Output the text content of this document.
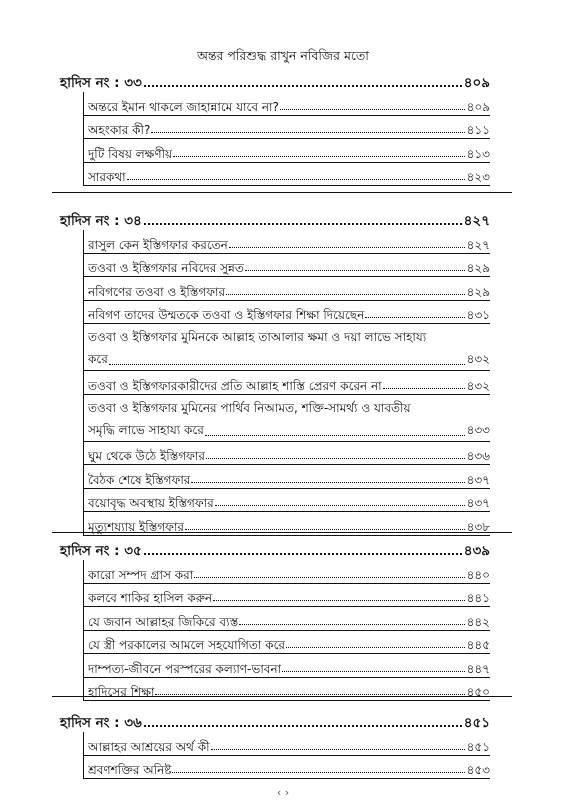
অন্তর পরিশুদ্ধ রাখুন নবিজির মতো
হাদিস নং : ৩৩	৪০৯
অন্তরে ইমান থাকলে জাহান্নামে যাবে না?	৪০৯
অহংকার কী?	৪১১
দুটি বিষয় লক্ষণীয়	৪১৩
সারকথা	৪২৩
হাদিস নং : ৩৪	৪২৭
রাসুল কেন ইস্তিগফার করতেন	৪২৭
তওবা ও ইস্তিগফার নবিদের সুন্নত	৪২৯
নবিগণের তওবা ও ইস্তিগফার	৪২৯
নবিগণ তাদের উম্মতকে তওবা ও ইস্তিগফার শিক্ষা দিয়েছেন	৪৩১
তওবা ও ইস্তিগফার মুমিনকে আল্লাহ তাআলার ক্ষমা ও দয়া লাভে সাহায্য
করে	৪৩২
তওবা ও ইস্তিগফারকারীদের প্রতি আল্লাহ শাস্তি প্রেরণ করেন না	৪৩২
তওবা ও ইস্তিগফার মুমিনের পার্থিব নিআমত, শক্তি-সামর্থ্য ও যাবতীয়
সমৃদ্ধি লাভে সাহায্য করে	৪৩৩
ঘুম থেকে উঠে ইস্তিগফার	৪৩৬
বৈঠক শেষে ইস্তিগফার	৪৩৭
বয়োবৃদ্ধ অবস্থায় ইস্তিগফার	৪৩৭
মৃত্যুশয্যায় ইস্তিগফার	৪৩৮
হাদিস নং : ৩৫	৪৩৯
কারো সম্পদ গ্রাস করা	৪৪০
কলবে শাকির হাসিল করুন	৪৪১
যে জবান আল্লাহর জিকিরে ব্যস্ত	৪৪২
যে স্ত্রী পরকালের আমলে সহযোগিতা করে	৪৪৫
দাম্পত্য-জীবনে পরস্পরের কল্যাণ-ভাবনা	৪৪৭
হাদিসের শিক্ষা	৪৫০
হাদিস নং : ৩৬	৪৫১
আল্লাহর আশ্রয়ের অর্থ কী	৪৫১
শ্রবণশক্তির অনিষ্ট	৪৫৩
‹ ›
